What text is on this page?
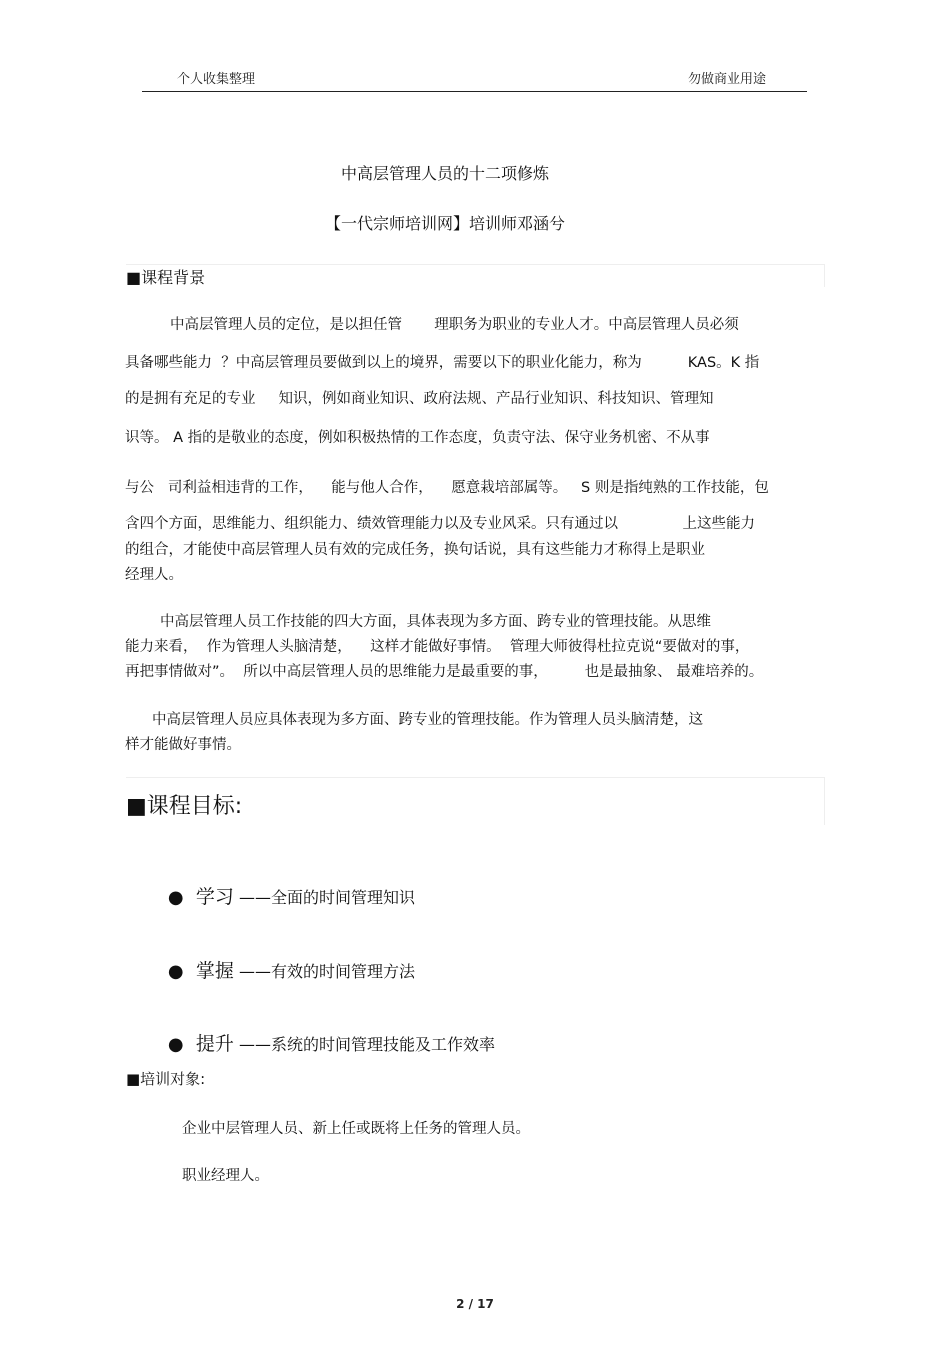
个人收集整理	勿做商业用途
中高层管理人员的十二项修炼
【一代宗师培训网】培训师邓涵兮
■课程背景
中高层管理人员的定位，是以担任管       理职务为职业的专业人才。中高层管理人员必须
具备哪些能力  ？中高层管理员要做到以上的境界，需要以下的职业化能力，称为          KAS。K 指
的是拥有充足的专业     知识，例如商业知识、政府法规、产品行业知识、科技知识、管理知
识等。 A 指的是敬业的态度，例如积极热情的工作态度，负责守法、保守业务机密、不从事
与公   司利益相违背的工作，    能与他人合作，    愿意栽培部属等。   S 则是指纯熟的工作技能，包
含四个方面，思维能力、组织能力、绩效管理能力以及专业风采。只有通过以              上这些能力
的组合，才能使中高层管理人员有效的完成任务，换句话说，具有这些能力才称得上是职业
经理人。
中高层管理人员工作技能的四大方面，具体表现为多方面、跨专业的管理技能。从思维
能力来看，  作为管理人头脑清楚，    这样才能做好事情。  管理大师彼得杜拉克说“要做对的事，
再把事情做对”。  所以中高层管理人员的思维能力是最重要的事，        也是最抽象、 最难培养的。
中高层管理人员应具体表现为多方面、跨专业的管理技能。作为管理人员头脑清楚，这
样才能做好事情。
■课程目标:

● 学习 ——全面的时间管理知识

● 掌握 ——有效的时间管理方法

● 提升 ——系统的时间管理技能及工作效率

■培训对象:
企业中层管理人员、新上任或既将上任务的管理人员。
职业经理人。
2 / 17
